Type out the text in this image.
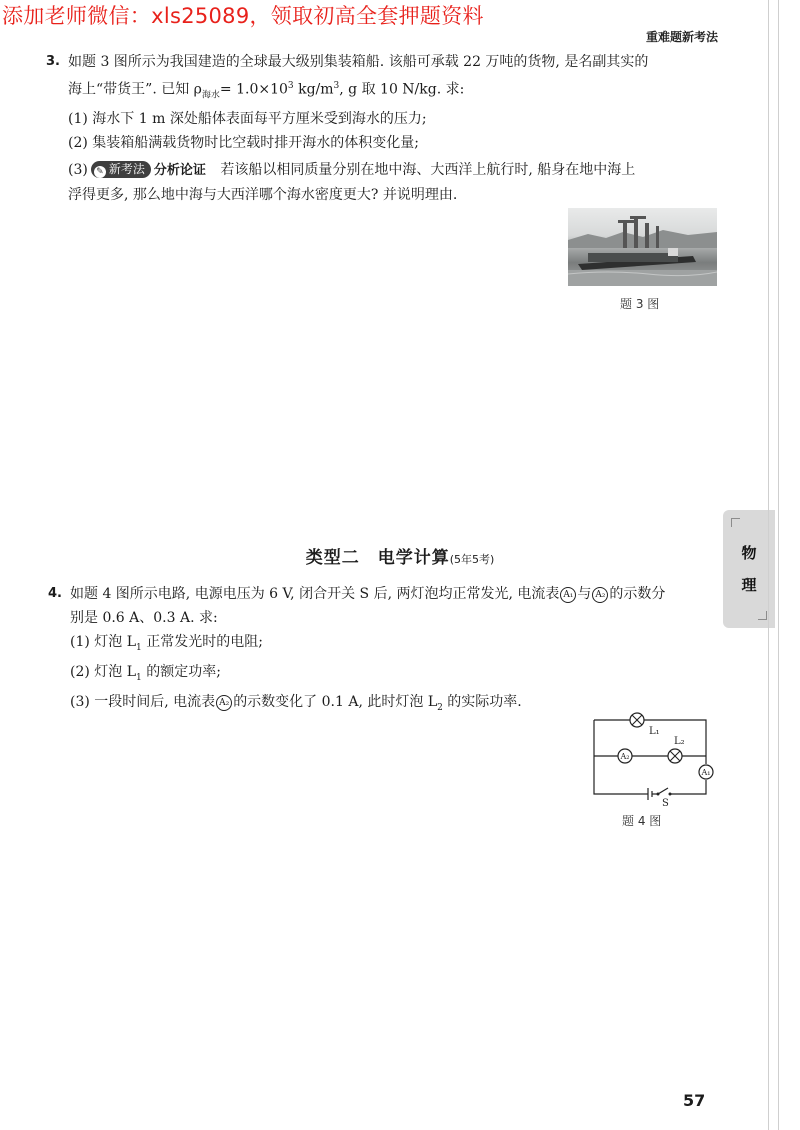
添加老师微信：xls25089，领取初高全套押题资料
重难题新考法
3. 如题 3 图所示为我国建造的全球最大级别集装箱船. 该船可承载 22 万吨的货物, 是名副其实的
海上“带货王”. 已知 $\rho_{海水}= 1.0\times 10^3$ $kg/m^3$, g 取 10 N/kg. 求:
(1) 海水下 1 m 深处船体表面每平方厘米受到海水的压力;
(2) 集装箱船满载货物时比空载时排开海水的体积变化量;
(3) ✎ 新考法 分析论证 若该船以相同质量分别在地中海、大西洋上航行时, 船身在地中海上
浮得更多, 那么地中海与大西洋哪个海水密度更大? 并说明理由.
题 3 图
类型二　电学计算(5年5考)
4. 如题 4 图所示电路, 电源电压为 6 V, 闭合开关 S 后, 两灯泡均正常发光, 电流表 A₁ 与 A₂ 的示数分
别是 0.6 A、0.3 A. 求:
(1) 灯泡 $L_1$ 正常发光时的电阻;
(2) 灯泡 $L_1$ 的额定功率;
(3) 一段时间后, 电流表 A₂ 的示数变化了 0.1 A, 此时灯泡 $L_2$ 的实际功率.
A₂
A₁
L₁
L₂
S
题 4 图
物
理
57
